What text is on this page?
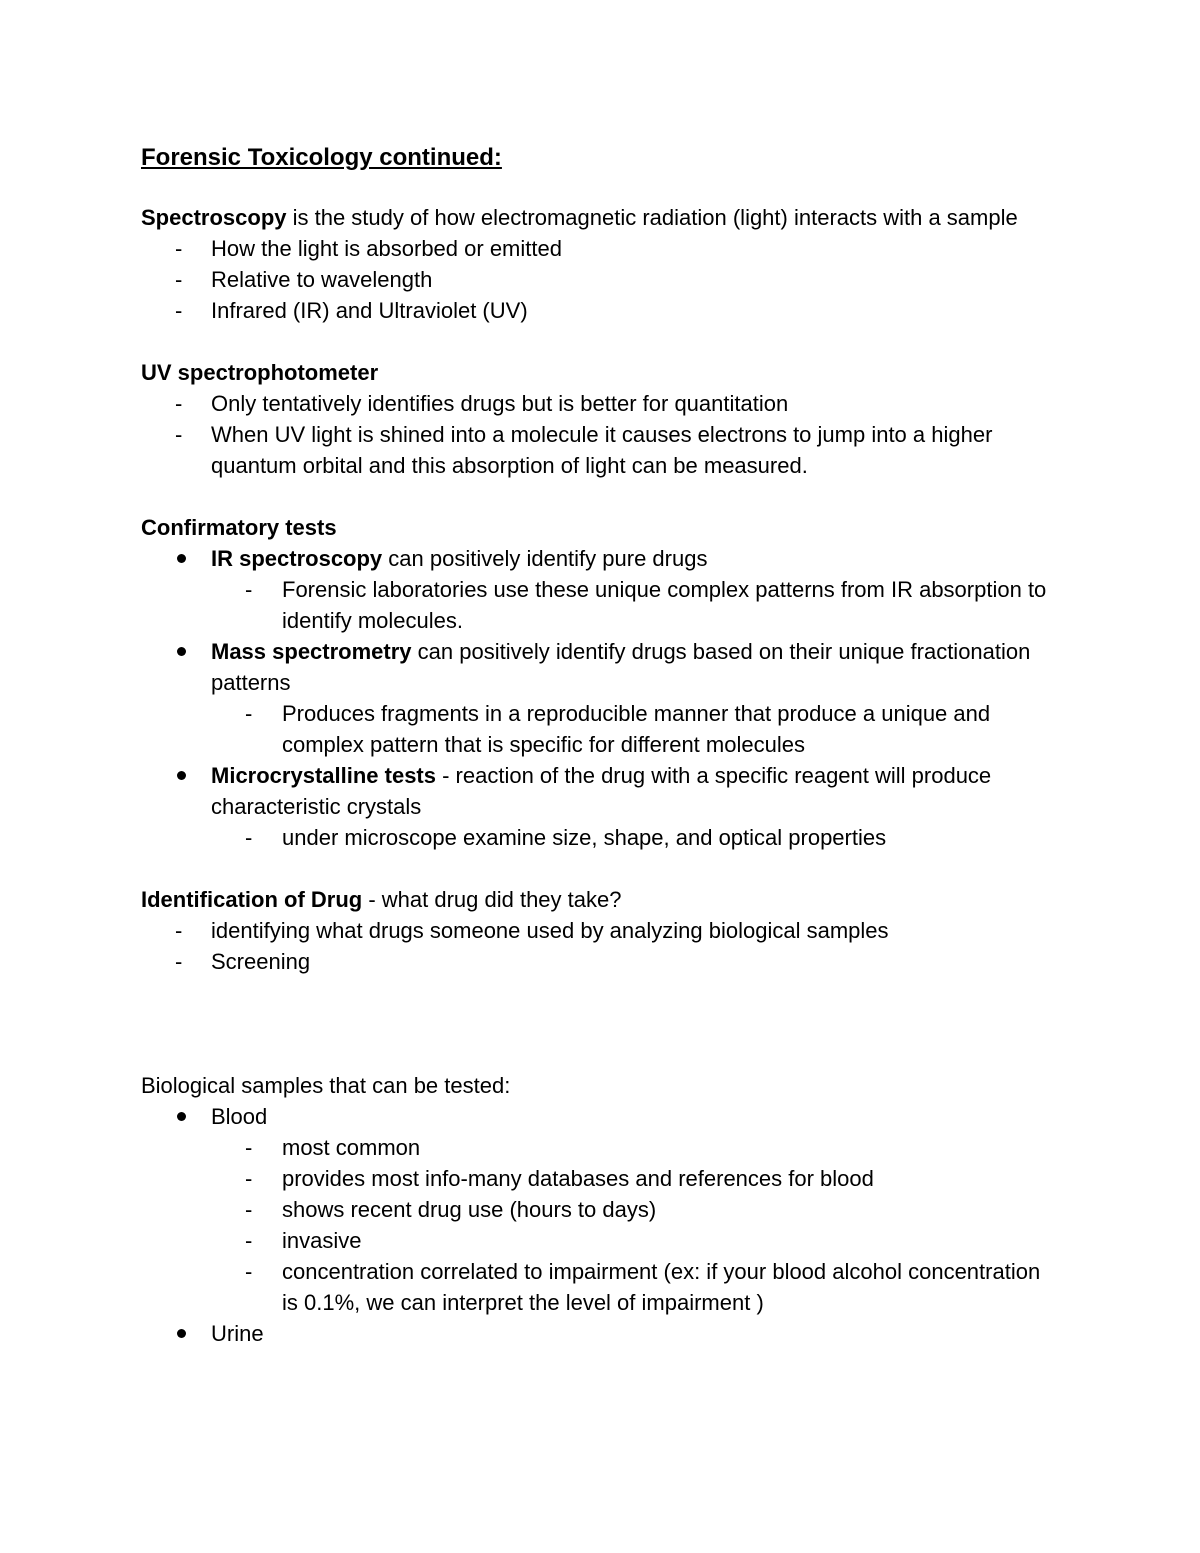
Forensic Toxicology continued:

Spectroscopy is the study of how electromagnetic radiation (light) interacts with a sample

-	How the light is absorbed or emitted
-	Relative to wavelength
-	Infrared (IR) and Ultraviolet (UV)

UV spectrophotometer

-	Only tentatively identifies drugs but is better for quantitation
-	When UV light is shined into a molecule it causes electrons to jump into a higher quantum orbital and this absorption of light can be measured.

Confirmatory tests

IR spectroscopy can positively identify pure drugs
-	Forensic laboratories use these unique complex patterns from IR absorption to identify molecules.
Mass spectrometry can positively identify drugs based on their unique fractionation patterns
-	Produces fragments in a reproducible manner that produce a unique and complex pattern that is specific for different molecules
Microcrystalline tests - reaction of the drug with a specific reagent will produce characteristic crystals
-	under microscope examine size, shape, and optical properties

Identification of Drug - what drug did they take?

-	identifying what drugs someone used by analyzing biological samples
-	Screening

Biological samples that can be tested:

Blood
-	most common
-	provides most info-many databases and references for blood
-	shows recent drug use (hours to days)
-	invasive
-	concentration correlated to impairment (ex: if your blood alcohol concentration is 0.1%, we can interpret the level of impairment )
Urine
